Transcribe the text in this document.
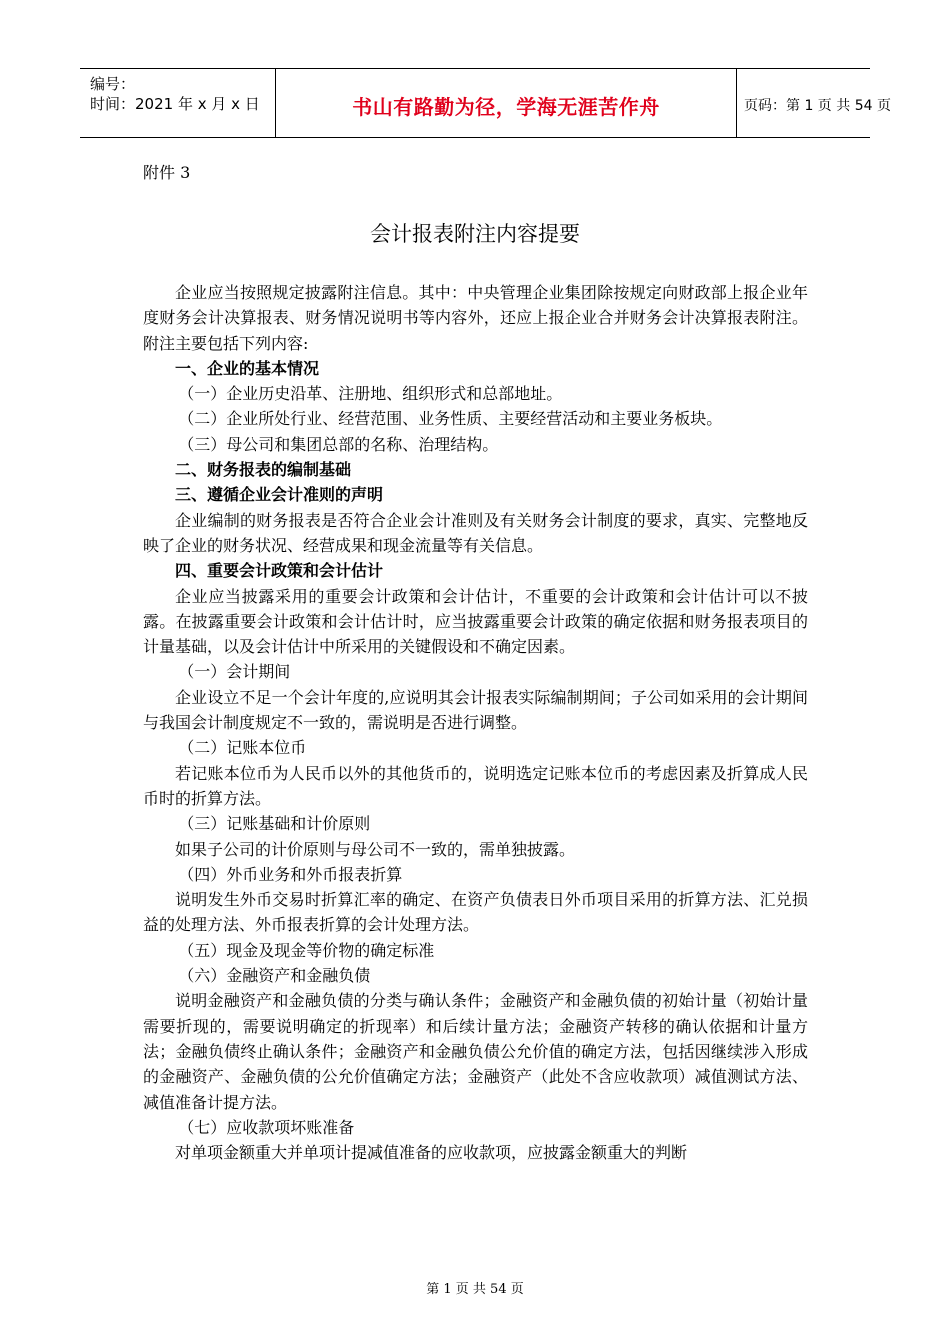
编号：
时间：2021 年 x 月 x 日	书山有路勤为径，学海无涯苦作舟	页码：第 1 页 共 54 页
附件 3
会计报表附注内容提要

企业应当按照规定披露附注信息。其中：中央管理企业集团除按规定向财政部上报企业年度财务会计决算报表、财务情况说明书等内容外，还应上报企业合并财务会计决算报表附注。附注主要包括下列内容:

一、企业的基本情况

（一）企业历史沿革、注册地、组织形式和总部地址。

（二）企业所处行业、经营范围、业务性质、主要经营活动和主要业务板块。

（三）母公司和集团总部的名称、治理结构。

二、财务报表的编制基础

三、遵循企业会计准则的声明

企业编制的财务报表是否符合企业会计准则及有关财务会计制度的要求，真实、完整地反映了企业的财务状况、经营成果和现金流量等有关信息。

四、重要会计政策和会计估计

企业应当披露采用的重要会计政策和会计估计，不重要的会计政策和会计估计可以不披露。在披露重要会计政策和会计估计时，应当披露重要会计政策的确定依据和财务报表项目的计量基础，以及会计估计中所采用的关键假设和不确定因素。

（一）会计期间

企业设立不足一个会计年度的,应说明其会计报表实际编制期间；子公司如采用的会计期间与我国会计制度规定不一致的，需说明是否进行调整。

（二）记账本位币

若记账本位币为人民币以外的其他货币的，说明选定记账本位币的考虑因素及折算成人民币时的折算方法。

（三）记账基础和计价原则

如果子公司的计价原则与母公司不一致的，需单独披露。

（四）外币业务和外币报表折算

说明发生外币交易时折算汇率的确定、在资产负债表日外币项目采用的折算方法、汇兑损益的处理方法、外币报表折算的会计处理方法。

（五）现金及现金等价物的确定标准

（六）金融资产和金融负债

说明金融资产和金融负债的分类与确认条件；金融资产和金融负债的初始计量（初始计量需要折现的，需要说明确定的折现率）和后续计量方法；金融资产转移的确认依据和计量方法；金融负债终止确认条件；金融资产和金融负债公允价值的确定方法，包括因继续涉入形成的金融资产、金融负债的公允价值确定方法；金融资产（此处不含应收款项）减值测试方法、减值准备计提方法。

（七）应收款项坏账准备

对单项金额重大并单项计提减值准备的应收款项，应披露金额重大的判断

第 1 页 共 54 页
